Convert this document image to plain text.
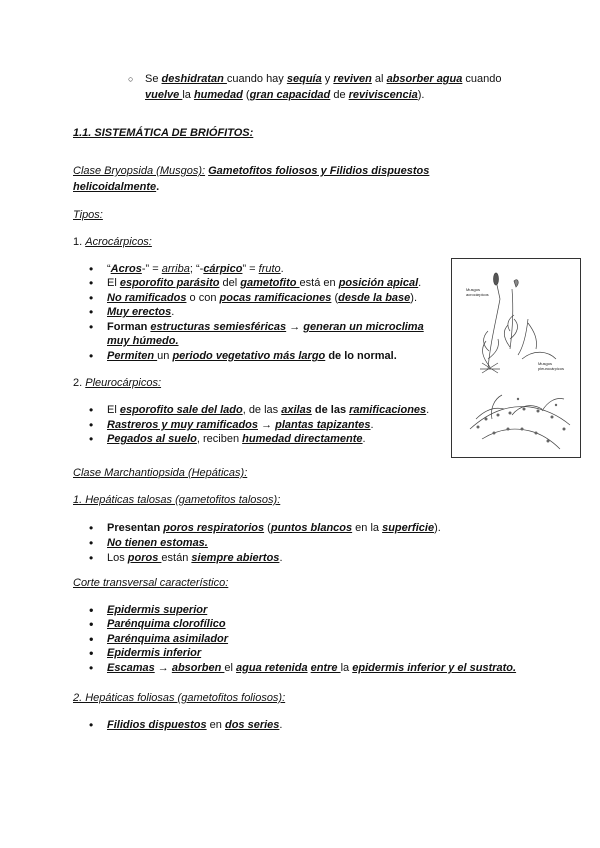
○ Se deshidratan cuando hay sequía y reviven al absorber agua cuando
vuelve la humedad (gran capacidad de reviviscencia).
1.1. SISTEMÁTICA DE BRIÓFITOS:
Clase Bryopsida (Musgos): Gametofitos foliosos y Filidios dispuestos
helicoidalmente.
Tipos:
1. Acrocárpicos:
• “Acros-” = arriba; “-cárpico” = fruto.
• El esporofito parásito del gametofito está en posición apical.
• No ramificados o con pocas ramificaciones (desde la base).
• Muy erectos.
• Forman estructuras semiesféricas → generan un microclima
muy húmedo.
• Permiten un periodo vegetativo más largo de lo normal.
Musgos acrocárpicos
Musgos pleurocárpicos
2. Pleurocárpicos:
• El esporofito sale del lado, de las axilas de las ramificaciones.
• Rastreros y muy ramificados → plantas tapizantes.
• Pegados al suelo, reciben humedad directamente.
Clase Marchantiopsida (Hepáticas):
1. Hepáticas talosas (gametofitos talosos):
• Presentan poros respiratorios (puntos blancos en la superficie).
• No tienen estomas.
• Los poros están siempre abiertos.
Corte transversal característico:
• Epidermis superior
• Parénquima clorofílico
• Parénquima asimilador
• Epidermis inferior
• Escamas → absorben el agua retenida entre la epidermis inferior y el sustrato.
2. Hepáticas foliosas (gametofitos foliosos):
• Filidios dispuestos en dos series.
